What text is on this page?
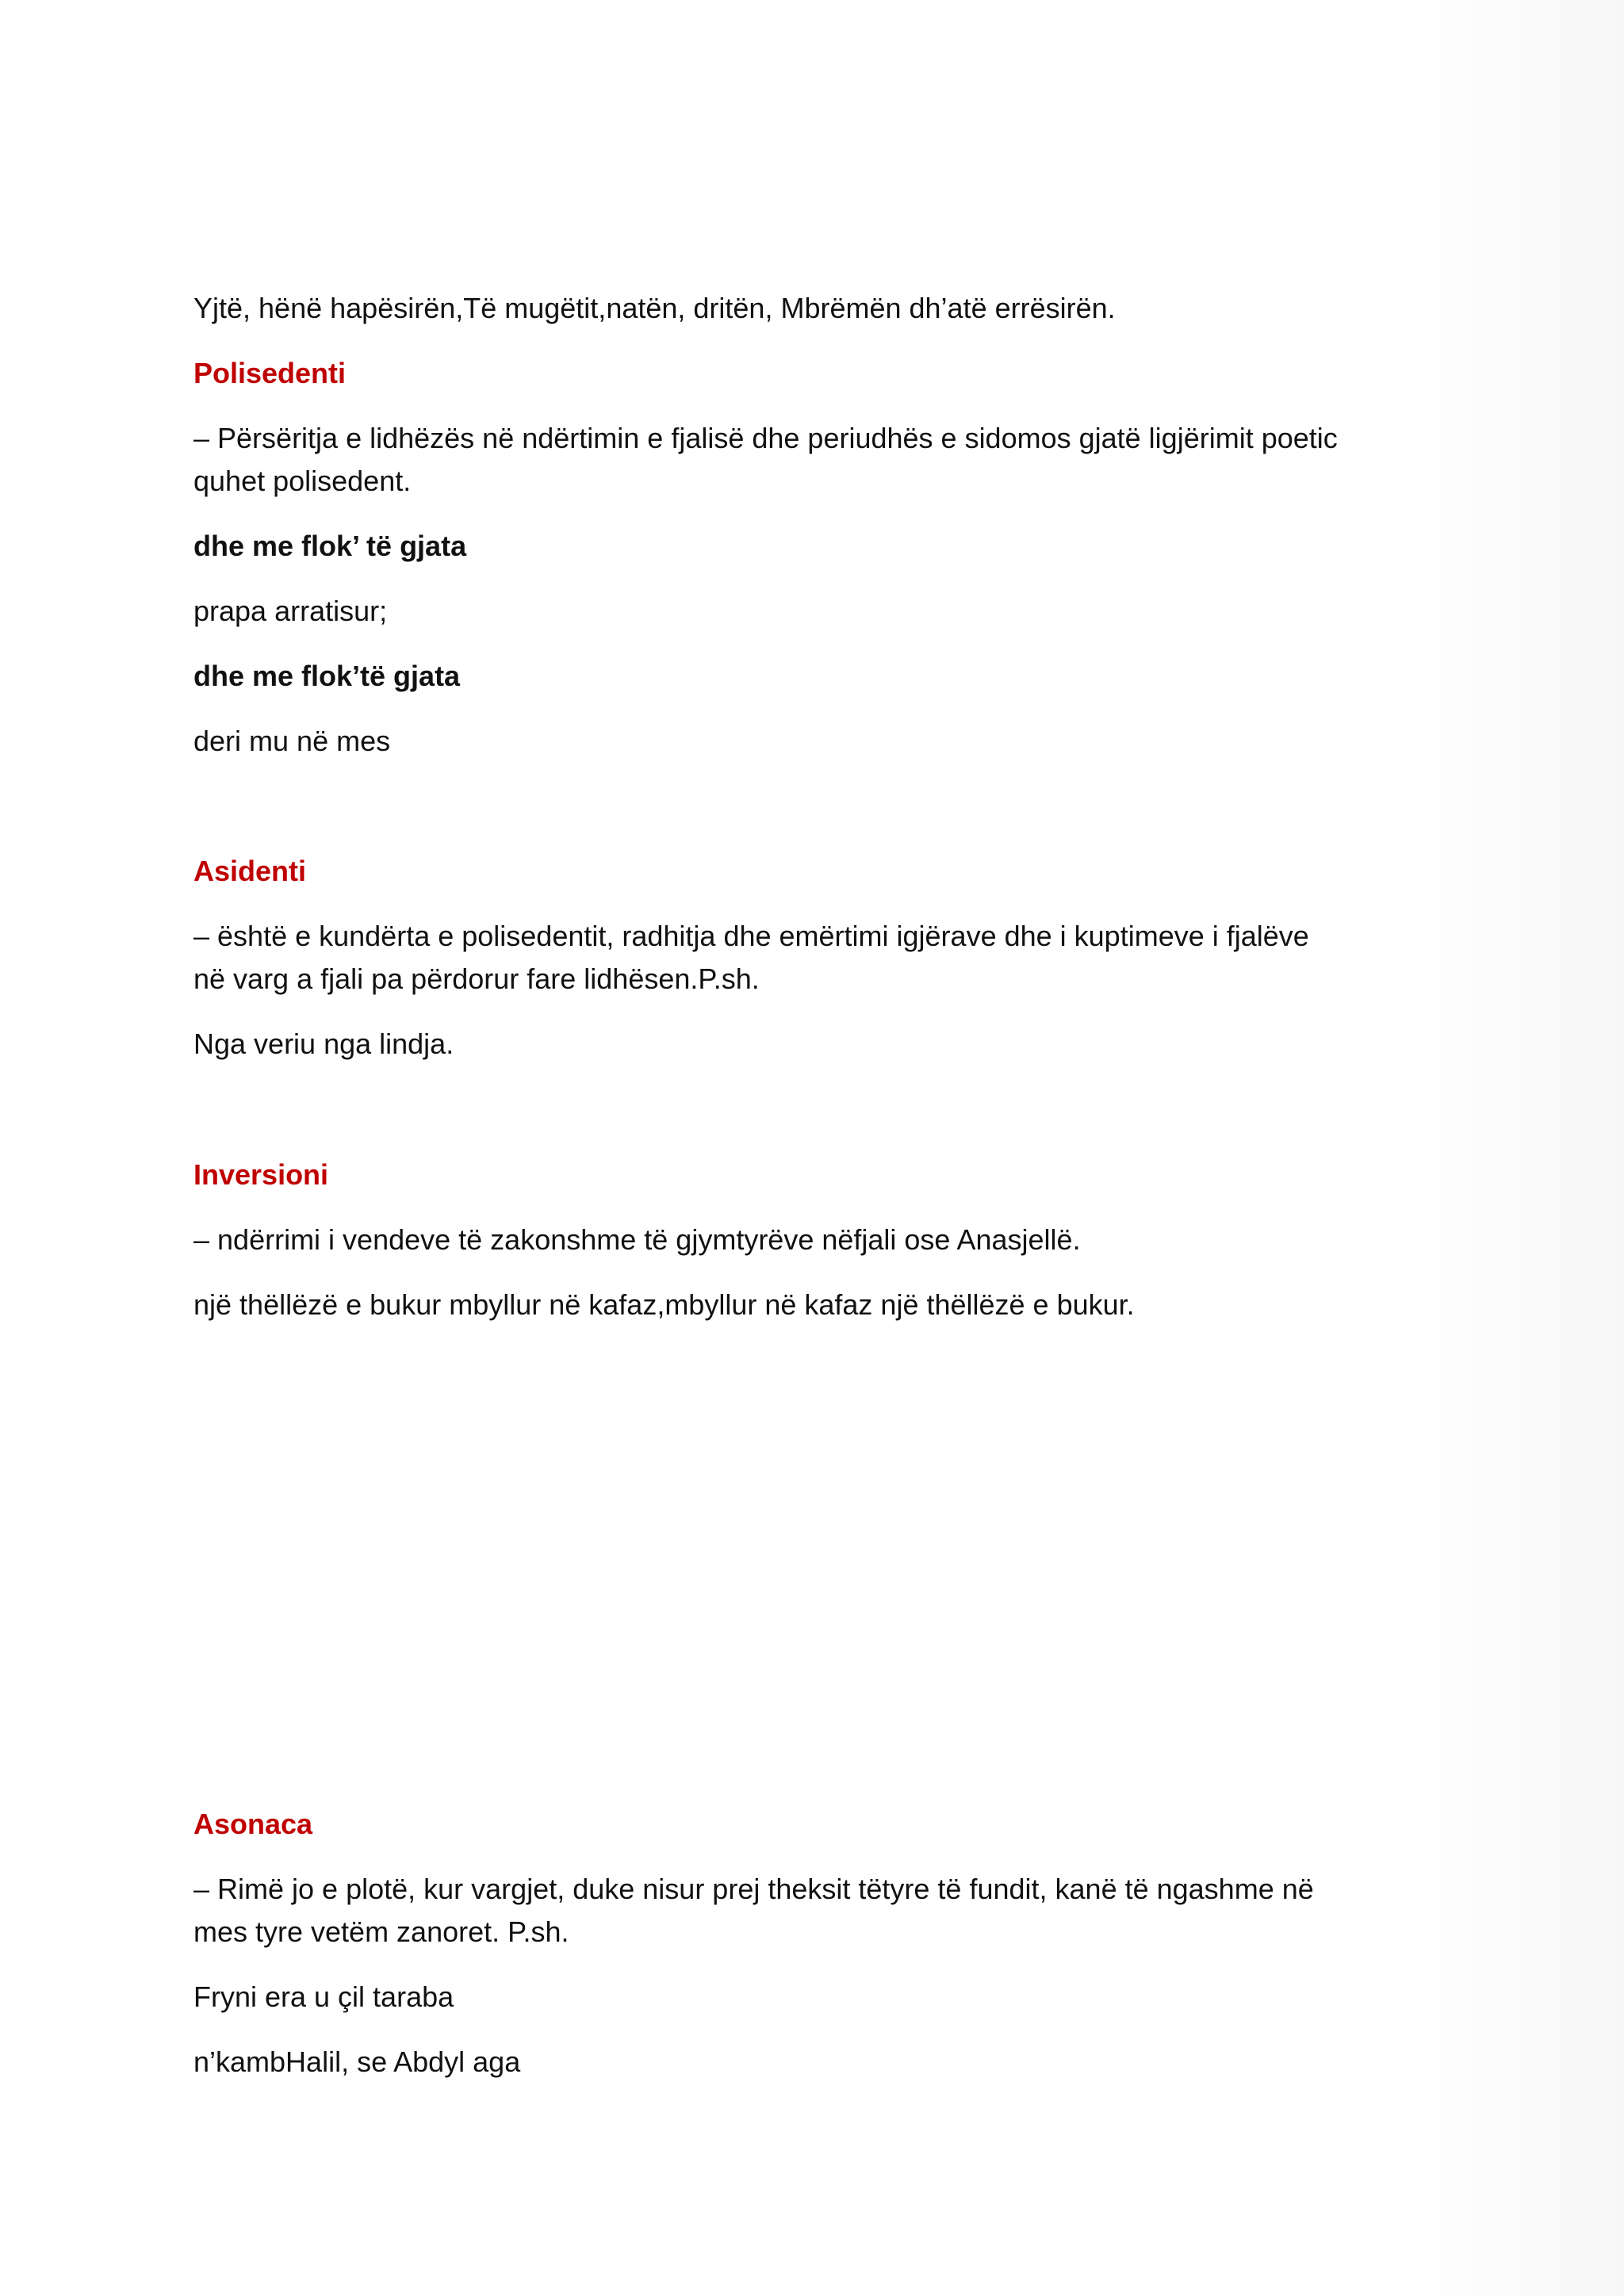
Yjtë, hënë hapësirën,Të mugëtit,natën, dritën, Mbrëmën dh’atë errësirën.
Polisedenti
– Përsëritja e lidhëzës në ndërtimin e fjalisë dhe periudhës e sidomos gjatë ligjërimit poetic
quhet polisedent.
dhe me flok’ të gjata
prapa arratisur;
dhe me flok’të gjata
deri mu në mes
Asidenti
– është e kundërta e polisedentit, radhitja dhe emërtimi igjërave dhe i kuptimeve i fjalëve
në varg a fjali pa përdorur fare lidhësen.P.sh.
Nga veriu nga lindja.
Inversioni
– ndërrimi i vendeve të zakonshme të gjymtyrëve nëfjali ose Anasjellë.
një thëllëzë e bukur mbyllur në kafaz,mbyllur në kafaz një thëllëzë e bukur.
Asonaca
– Rimë jo e plotë, kur vargjet, duke nisur prej theksit tëtyre të fundit, kanë të ngashme në
mes tyre vetëm zanoret. P.sh.
Fryni era u çil taraba
n’kambHalil, se Abdyl aga
